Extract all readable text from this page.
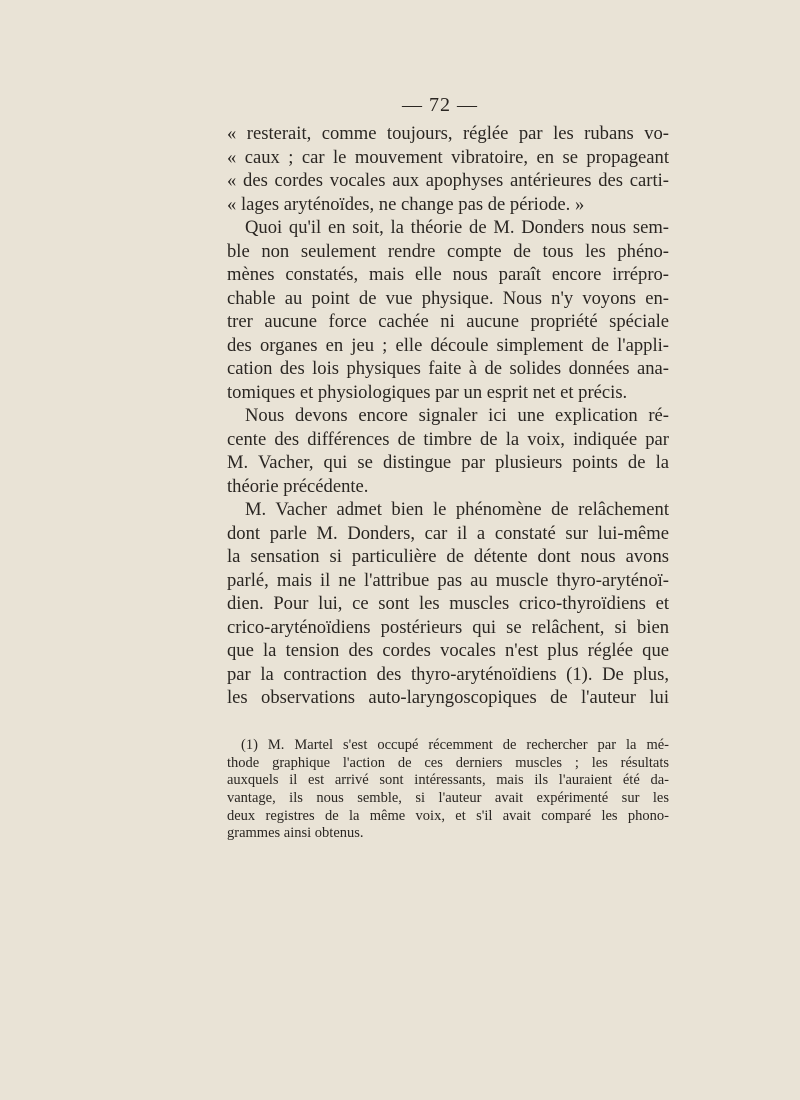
— 72 —
« resterait, comme toujours, réglée par les rubans vo-
« caux ; car le mouvement vibratoire, en se propageant
« des cordes vocales aux apophyses antérieures des carti-
« lages aryténoïdes, ne change pas de période. »
Quoi qu'il en soit, la théorie de M. Donders nous sem-
ble non seulement rendre compte de tous les phéno-
mènes constatés, mais elle nous paraît encore irrépro-
chable au point de vue physique. Nous n'y voyons en-
trer aucune force cachée ni aucune propriété spéciale
des organes en jeu ; elle découle simplement de l'appli-
cation des lois physiques faite à de solides données ana-
tomiques et physiologiques par un esprit net et précis.
Nous devons encore signaler ici une explication ré-
cente des différences de timbre de la voix, indiquée par
M. Vacher, qui se distingue par plusieurs points de la
théorie précédente.
M. Vacher admet bien le phénomène de relâchement
dont parle M. Donders, car il a constaté sur lui-même
la sensation si particulière de détente dont nous avons
parlé, mais il ne l'attribue pas au muscle thyro-aryténoï-
dien. Pour lui, ce sont les muscles crico-thyroïdiens et
crico-aryténoïdiens postérieurs qui se relâchent, si bien
que la tension des cordes vocales n'est plus réglée que
par la contraction des thyro-aryténoïdiens (1). De plus,
les observations auto-laryngoscopiques de l'auteur lui
(1) M. Martel s'est occupé récemment de rechercher par la mé-
thode graphique l'action de ces derniers muscles ; les résultats
auxquels il est arrivé sont intéressants, mais ils l'auraient été da-
vantage, ils nous semble, si l'auteur avait expérimenté sur les
deux registres de la même voix, et s'il avait comparé les phono-
grammes ainsi obtenus.
